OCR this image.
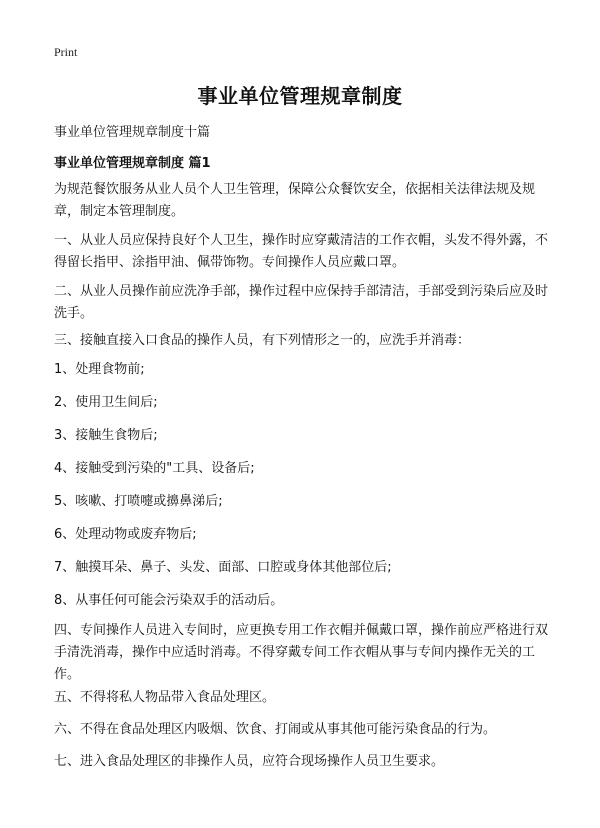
Print
事业单位管理规章制度

事业单位管理规章制度十篇

事业单位管理规章制度 篇1

为规范餐饮服务从业人员个人卫生管理，保障公众餐饮安全，依据相关法律法规及规章，制定本管理制度。

一、从业人员应保持良好个人卫生，操作时应穿戴清洁的工作衣帽，头发不得外露，不得留长指甲、涂指甲油、佩带饰物。专间操作人员应戴口罩。

二、从业人员操作前应洗净手部，操作过程中应保持手部清洁，手部受到污染后应及时洗手。

三、接触直接入口食品的操作人员，有下列情形之一的，应洗手并消毒：

1、处理食物前;

2、使用卫生间后;

3、接触生食物后;

4、接触受到污染的"工具、设备后;

5、咳嗽、打喷嚏或擤鼻涕后;

6、处理动物或废弃物后;

7、触摸耳朵、鼻子、头发、面部、口腔或身体其他部位后;

8、从事任何可能会污染双手的活动后。

四、专间操作人员进入专间时，应更换专用工作衣帽并佩戴口罩，操作前应严格进行双手清洗消毒，操作中应适时消毒。不得穿戴专间工作衣帽从事与专间内操作无关的工作。

五、不得将私人物品带入食品处理区。

六、不得在食品处理区内吸烟、饮食、打闹或从事其他可能污染食品的行为。

七、进入食品处理区的非操作人员，应符合现场操作人员卫生要求。
